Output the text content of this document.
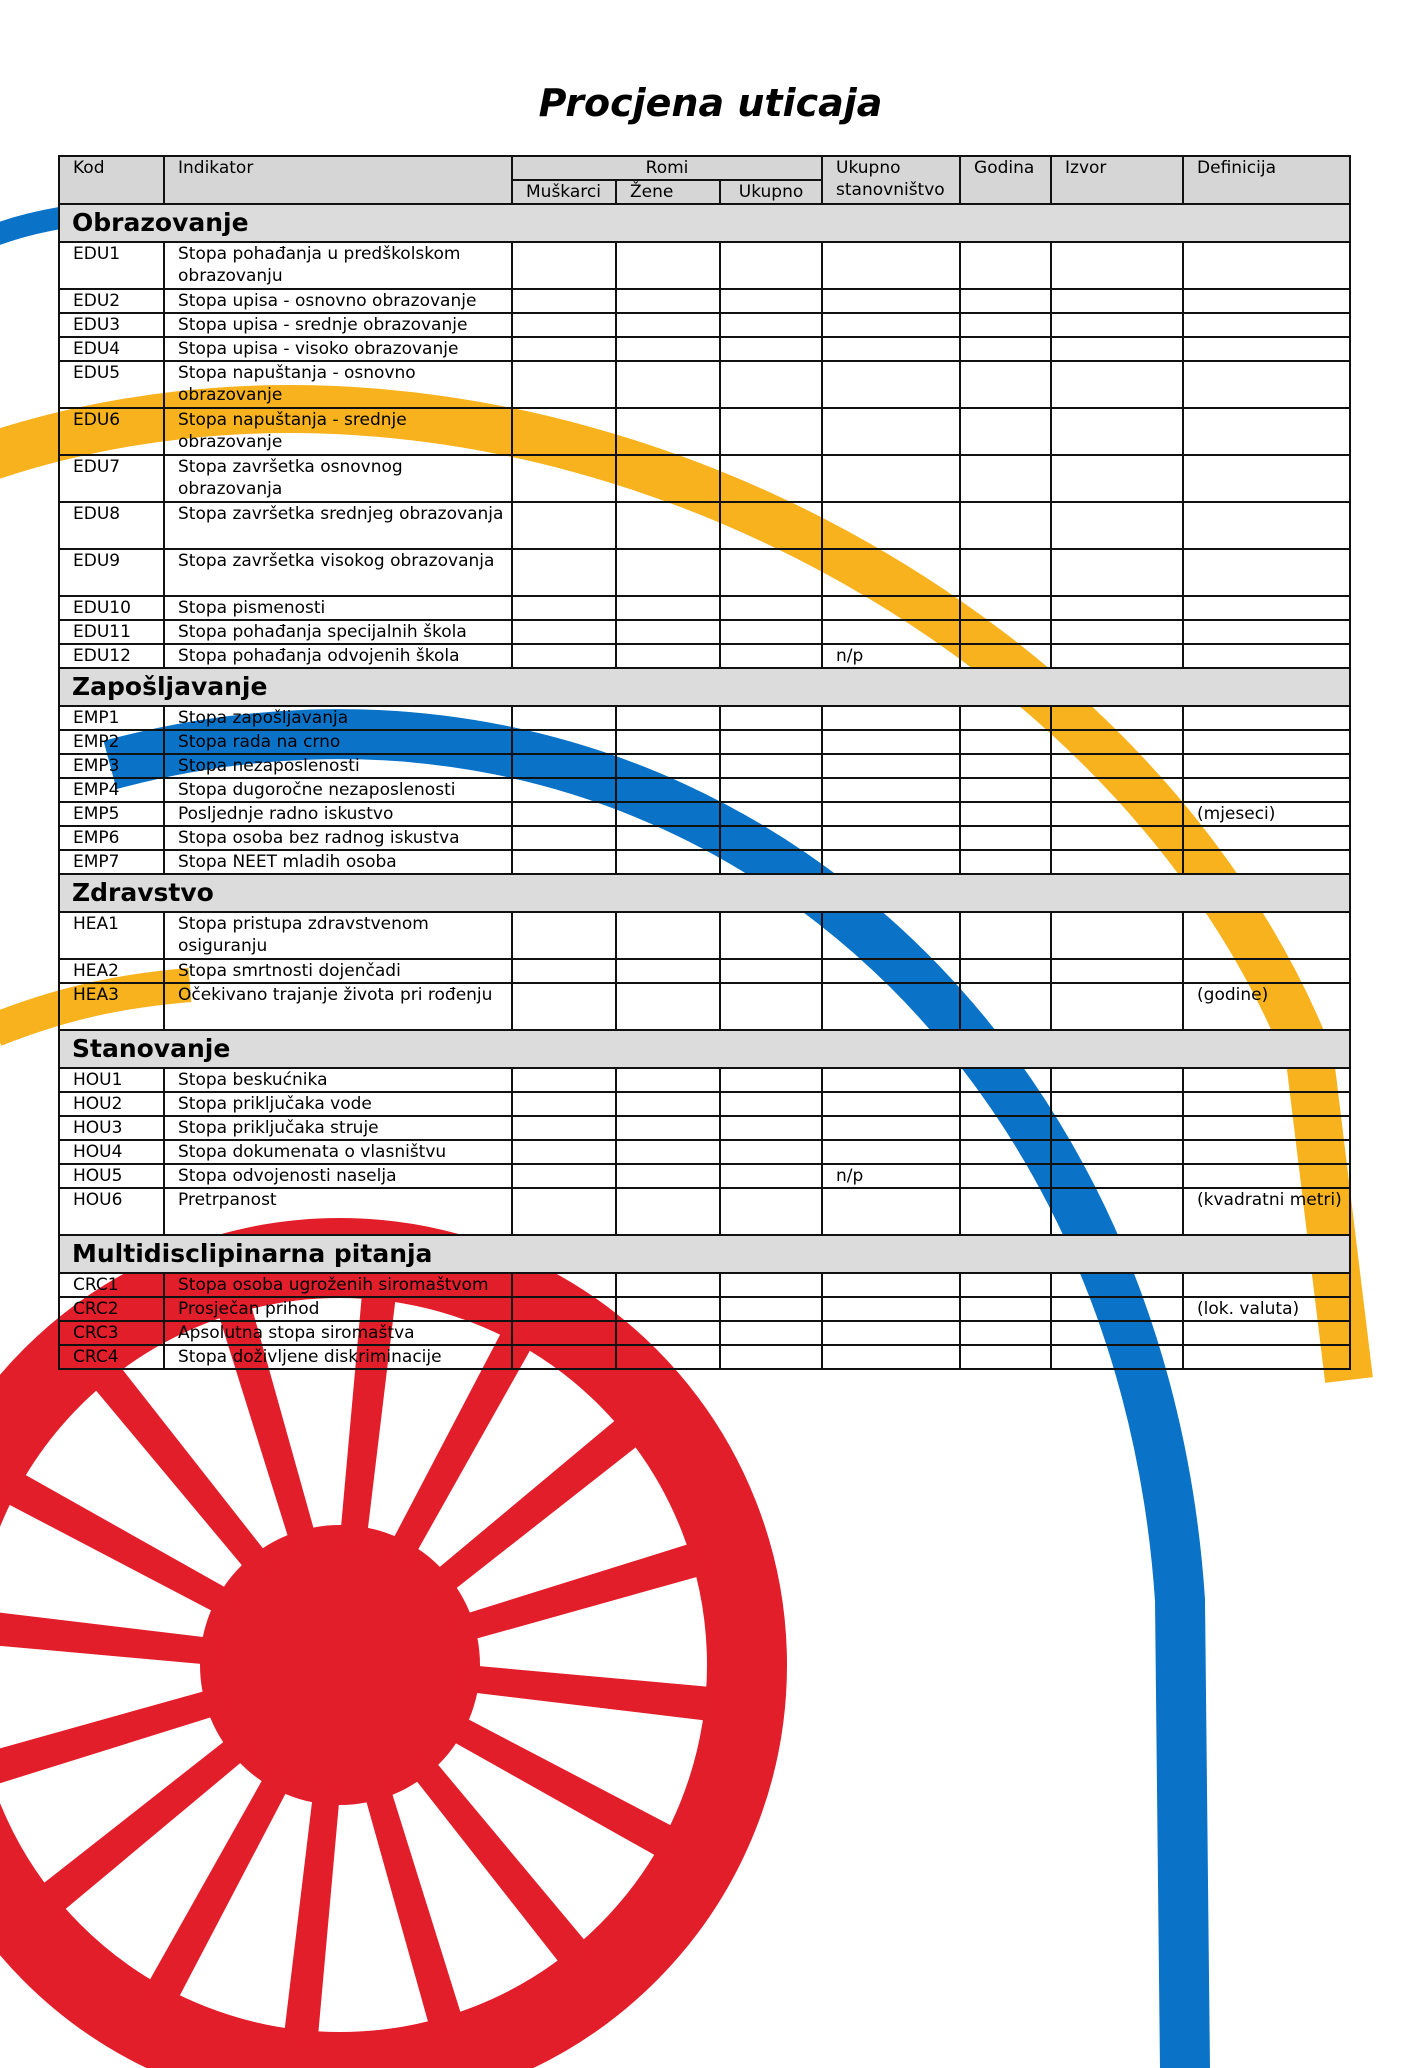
Procjena uticaja
Kod	Indikator	Romi			Ukupno stanovništvo	Godina	Izvor	Definicija
		Muškarci	Žene	Ukupno				
Obrazovanje								
EDU1	Stopa pohađanja u predškolskom obrazovanju							
EDU2	Stopa upisa - osnovno obrazovanje							
EDU3	Stopa upisa - srednje obrazovanje							
EDU4	Stopa upisa - visoko obrazovanje							
EDU5	Stopa napuštanja - osnovno obrazovanje							
EDU6	Stopa napuštanja - srednje obrazovanje							
EDU7	Stopa završetka osnovnog obrazovanja							
EDU8	Stopa završetka srednjeg obrazovanja							
EDU9	Stopa završetka visokog obrazovanja							
EDU10	Stopa pismenosti							
EDU11	Stopa pohađanja specijalnih škola							
EDU12	Stopa pohađanja odvojenih škola				n/p			
Zapošljavanje								
EMP1	Stopa zapošljavanja							
EMP2	Stopa rada na crno							
EMP3	Stopa nezaposlenosti							
EMP4	Stopa dugoročne nezaposlenosti							
EMP5	Posljednje radno iskustvo							(mjeseci)
EMP6	Stopa osoba bez radnog iskustva							
EMP7	Stopa NEET mladih osoba							
Zdravstvo								
HEA1	Stopa pristupa zdravstvenom osiguranju							
HEA2	Stopa smrtnosti dojenčadi							
HEA3	Očekivano trajanje života pri rođenju							(godine)
Stanovanje								
HOU1	Stopa beskućnika							
HOU2	Stopa priključaka vode							
HOU3	Stopa priključaka struje							
HOU4	Stopa dokumenata o vlasništvu							
HOU5	Stopa odvojenosti naselja				n/p			
HOU6	Pretrpanost							(kvadratni metri)
Multidisclipinarna pitanja								
CRC1	Stopa osoba ugroženih siromaštvom							
CRC2	Prosječan prihod							(lok. valuta)
CRC3	Apsolutna stopa siromaštva							
CRC4	Stopa doživljene diskriminacije							
